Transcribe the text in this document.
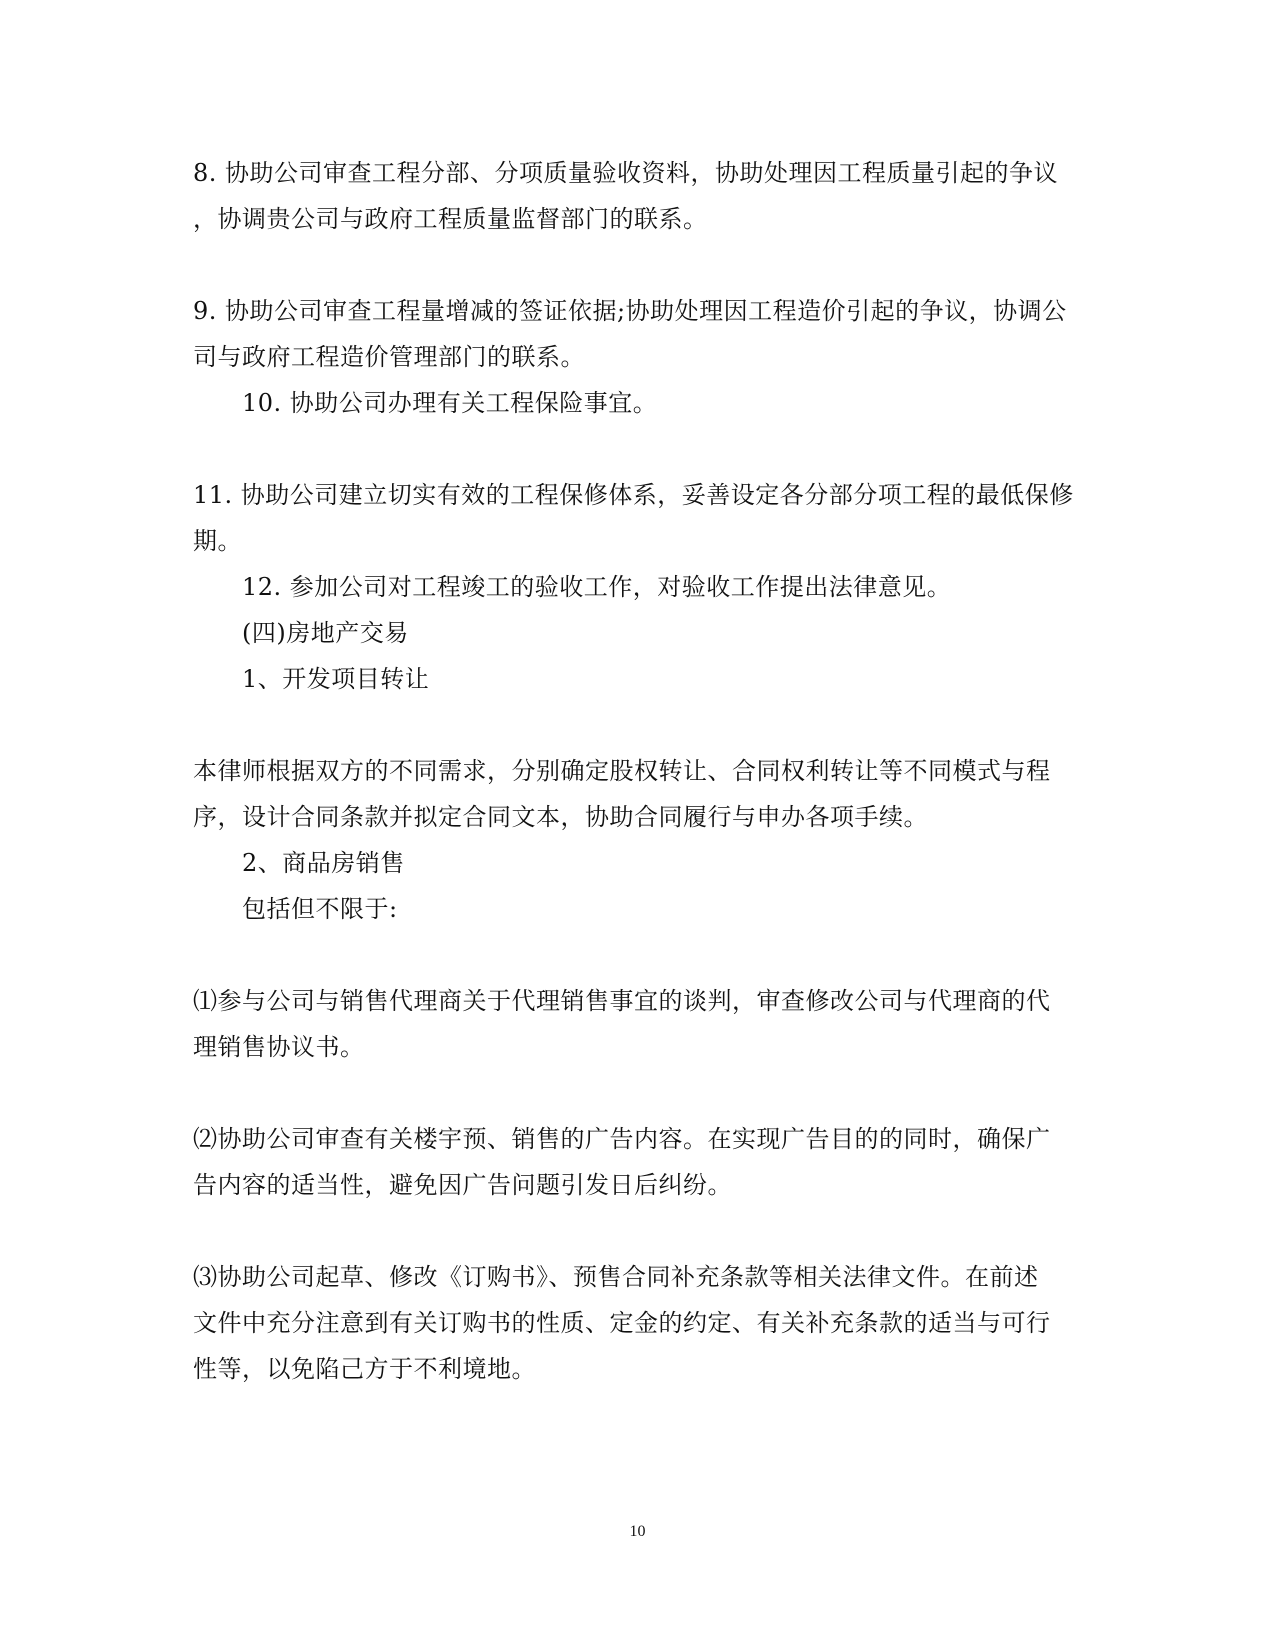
8. 协助公司审查工程分部、分项质量验收资料，协助处理因工程质量引起的争议
，协调贵公司与政府工程质量监督部门的联系。
9. 协助公司审查工程量增减的签证依据;协助处理因工程造价引起的争议，协调公
司与政府工程造价管理部门的联系。
10. 协助公司办理有关工程保险事宜。
11. 协助公司建立切实有效的工程保修体系，妥善设定各分部分项工程的最低保修
期。
12. 参加公司对工程竣工的验收工作，对验收工作提出法律意见。
(四)房地产交易
1、开发项目转让
本律师根据双方的不同需求，分别确定股权转让、合同权利转让等不同模式与程
序，设计合同条款并拟定合同文本，协助合同履行与申办各项手续。
2、商品房销售
包括但不限于:
⑴参与公司与销售代理商关于代理销售事宜的谈判，审查修改公司与代理商的代
理销售协议书。
⑵协助公司审查有关楼宇预、销售的广告内容。在实现广告目的的同时，确保广
告内容的适当性，避免因广告问题引发日后纠纷。
⑶协助公司起草、修改《订购书》、预售合同补充条款等相关法律文件。在前述
文件中充分注意到有关订购书的性质、定金的约定、有关补充条款的适当与可行
性等，以免陷己方于不利境地。
10
